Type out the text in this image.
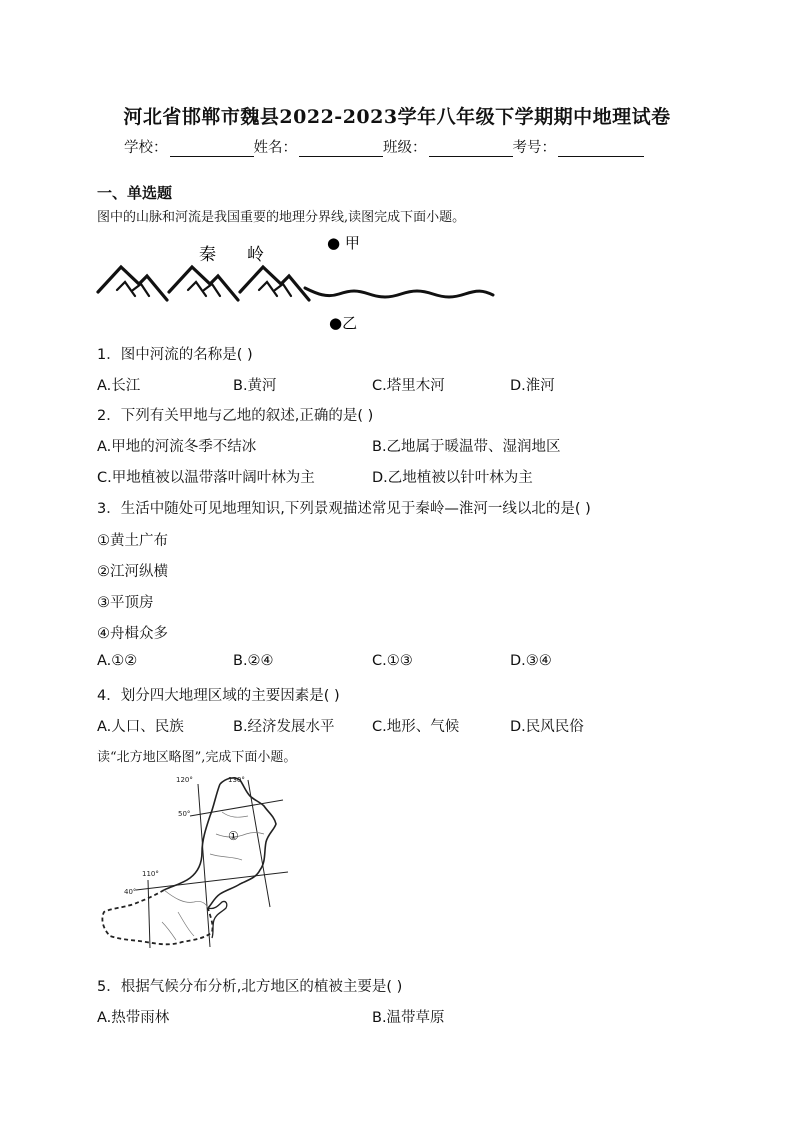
河北省邯郸市魏县2022-2023学年八年级下学期期中地理试卷
学校：	姓名：	班级：	考号：
一、单选题
图中的山脉和河流是我国重要的地理分界线,读图完成下面小题。
秦 岭
● 甲
●乙
1．图中河流的名称是( )
A.长江	B.黄河	C.塔里木河	D.淮河
2．下列有关甲地与乙地的叙述,正确的是( )
A.甲地的河流冬季不结冰	B.乙地属于暖温带、湿润地区
C.甲地植被以温带落叶阔叶林为主	D.乙地植被以针叶林为主
3．生活中随处可见地理知识,下列景观描述常见于秦岭—淮河一线以北的是( )
①黄土广布
②江河纵横
③平顶房
④舟楫众多
A.①②	B.②④	C.①③	D.③④
4．划分四大地理区域的主要因素是( )
A.人口、民族	B.经济发展水平	C.地形、气候	D.民风民俗
读“北方地区略图”,完成下面小题。
120°	130°
50°
40°
110°
①
5．根据气候分布分析,北方地区的植被主要是( )
A.热带雨林	B.温带草原
